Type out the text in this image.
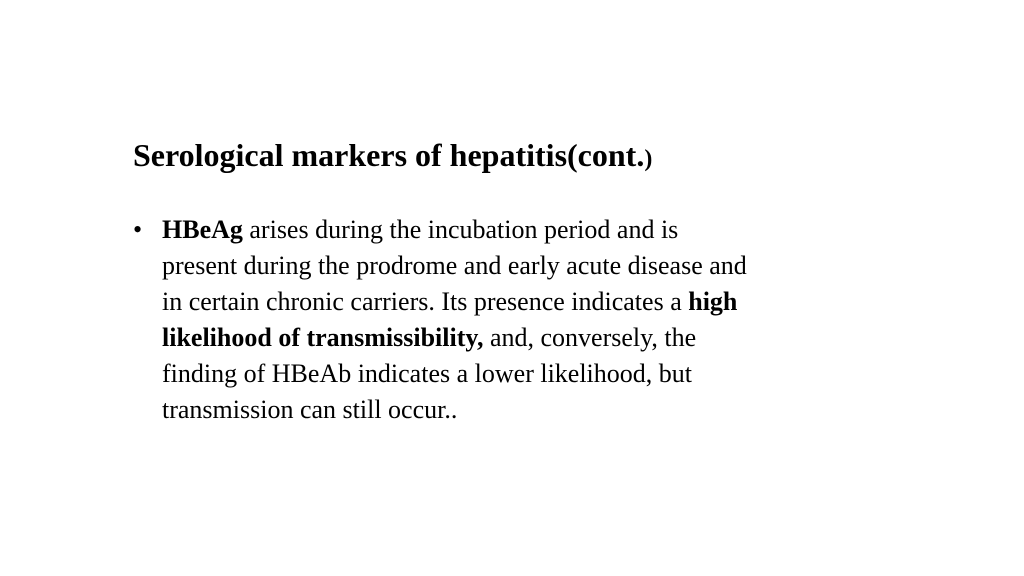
Serological markers of hepatitis(cont.)
• HBeAg arises during the incubation period and is
present during the prodrome and early acute disease and
in certain chronic carriers. Its presence indicates a high
likelihood of transmissibility, and, conversely, the
finding of HBeAb indicates a lower likelihood, but
transmission can still occur..
